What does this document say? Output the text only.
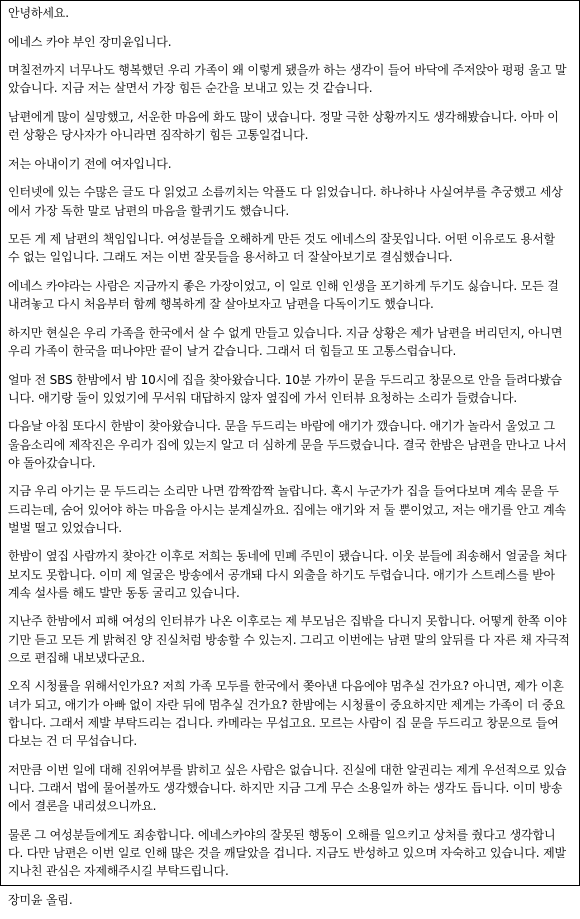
안녕하세요.

에네스 카야 부인 장미윤입니다.

며칠전까지 너무나도 행복했던 우리 가족이 왜 이렇게 됐을까 하는 생각이 들어 바닥에 주저앉아 펑펑 울고 말았습니다. 지금 저는 살면서 가장 힘든 순간을 보내고 있는 것 같습니다.

남편에게 많이 실망했고, 서운한 마음에 화도 많이 냈습니다. 정말 극한 상황까지도 생각해봤습니다. 아마 이런 상황은 당사자가 아니라면 짐작하기 힘든 고통일겁니다.

저는 아내이기 전에 여자입니다.

인터넷에 있는 수많은 글도 다 읽었고 소름끼치는 악플도 다 읽었습니다. 하나하나 사실여부를 추궁했고 세상에서 가장 독한 말로 남편의 마음을 할퀴기도 했습니다.

모든 게 제 남편의 책임입니다. 여성분들을 오해하게 만든 것도 에네스의 잘못입니다. 어떤 이유로도 용서할 수 없는 일입니다. 그래도 저는 이번 잘못들을 용서하고 더 잘살아보기로 결심했습니다.

에네스 카야라는 사람은 지금까지 좋은 가장이었고, 이 일로 인해 인생을 포기하게 두기도 싫습니다. 모든 걸 내려놓고 다시 처음부터 함께 행복하게 잘 살아보자고 남편을 다독이기도 했습니다.

하지만 현실은 우리 가족을 한국에서 살 수 없게 만들고 있습니다. 지금 상황은 제가 남편을 버리던지, 아니면 우리 가족이 한국을 떠나야만 끝이 날거 같습니다. 그래서 더 힘들고 또 고통스럽습니다.

얼마 전 SBS 한밤에서 밤 10시에 집을 찾아왔습니다. 10분 가까이 문을 두드리고 창문으로 안을 들려다봤습니다. 애기랑 둘이 있었기에 무서워 대답하지 않자 옆집에 가서 인터뷰 요청하는 소리가 들렸습니다.

다음날 아침 또다시 한밤이 찾아왔습니다. 문을 두드리는 바람에 애기가 깼습니다. 애기가 놀라서 울었고 그 울음소리에 제작진은 우리가 집에 있는지 알고 더 심하게 문을 두드렸습니다. 결국 한밤은 남편을 만나고 나서야 돌아갔습니다.

지금 우리 아기는 문 두드리는 소리만 나면 깜짝깜짝 놀랍니다. 혹시 누군가가 집을 들여다보며 계속 문을 두드리는데, 숨어 있어야 하는 마음을 아시는 분계실까요. 집에는 애기와 저 둘 뿐이었고, 저는 애기를 안고 계속 벌벌 떨고 있었습니다.

한밤이 옆집 사람까지 찾아간 이후로 저희는 동네에 민폐 주민이 됐습니다. 이웃 분들에 죄송해서 얼굴을 쳐다보지도 못합니다. 이미 제 얼굴은 방송에서 공개돼 다시 외출을 하기도 두렵습니다. 애기가 스트레스를 받아 계속 설사를 해도 발만 동동 굴리고 있습니다.

지난주 한밤에서 피해 여성의 인터뷰가 나온 이후로는 제 부모님은 집밖을 다니지 못합니다. 어떻게 한쪽 이야기만 듣고 모든 게 밝혀진 양 진실처럼 방송할 수 있는지. 그리고 이번에는 남편 말의 앞뒤를 다 자른 채 자극적으로 편집해 내보냈다군요.

오직 시청률을 위해서인가요? 저희 가족 모두를 한국에서 쫒아낸 다음에야 멈추실 건가요? 아니면, 제가 이혼녀가 되고, 애기가 아빠 없이 자란 뒤에 멈추실 건가요? 한밤에는 시청률이 중요하지만 제게는 가족이 더 중요합니다. 그래서 제발 부탁드리는 겁니다. 카메라는 무섭고요. 모르는 사람이 집 문을 두드리고 창문으로 들여다보는 건 더 무섭습니다.

저만큼 이번 일에 대해 진위여부를 밝히고 싶은 사람은 없습니다. 진실에 대한 알권리는 제게 우선적으로 있습니다. 그래서 법에 물어볼까도 생각했습니다. 하지만 지금 그게 무슨 소용일까 하는 생각도 듭니다. 이미 방송에서 결론을 내리셨으니까요.

물론 그 여성분들에게도 죄송합니다. 에네스카야의 잘못된 행동이 오해를 일으키고 상처를 줬다고 생각합니다. 다만 남편은 이번 일로 인해 많은 것을 깨달았을 겁니다. 지금도 반성하고 있으며 자숙하고 있습니다. 제발 지나친 관심은 자제해주시길 부탁드립니다.

장미윤 올림.
